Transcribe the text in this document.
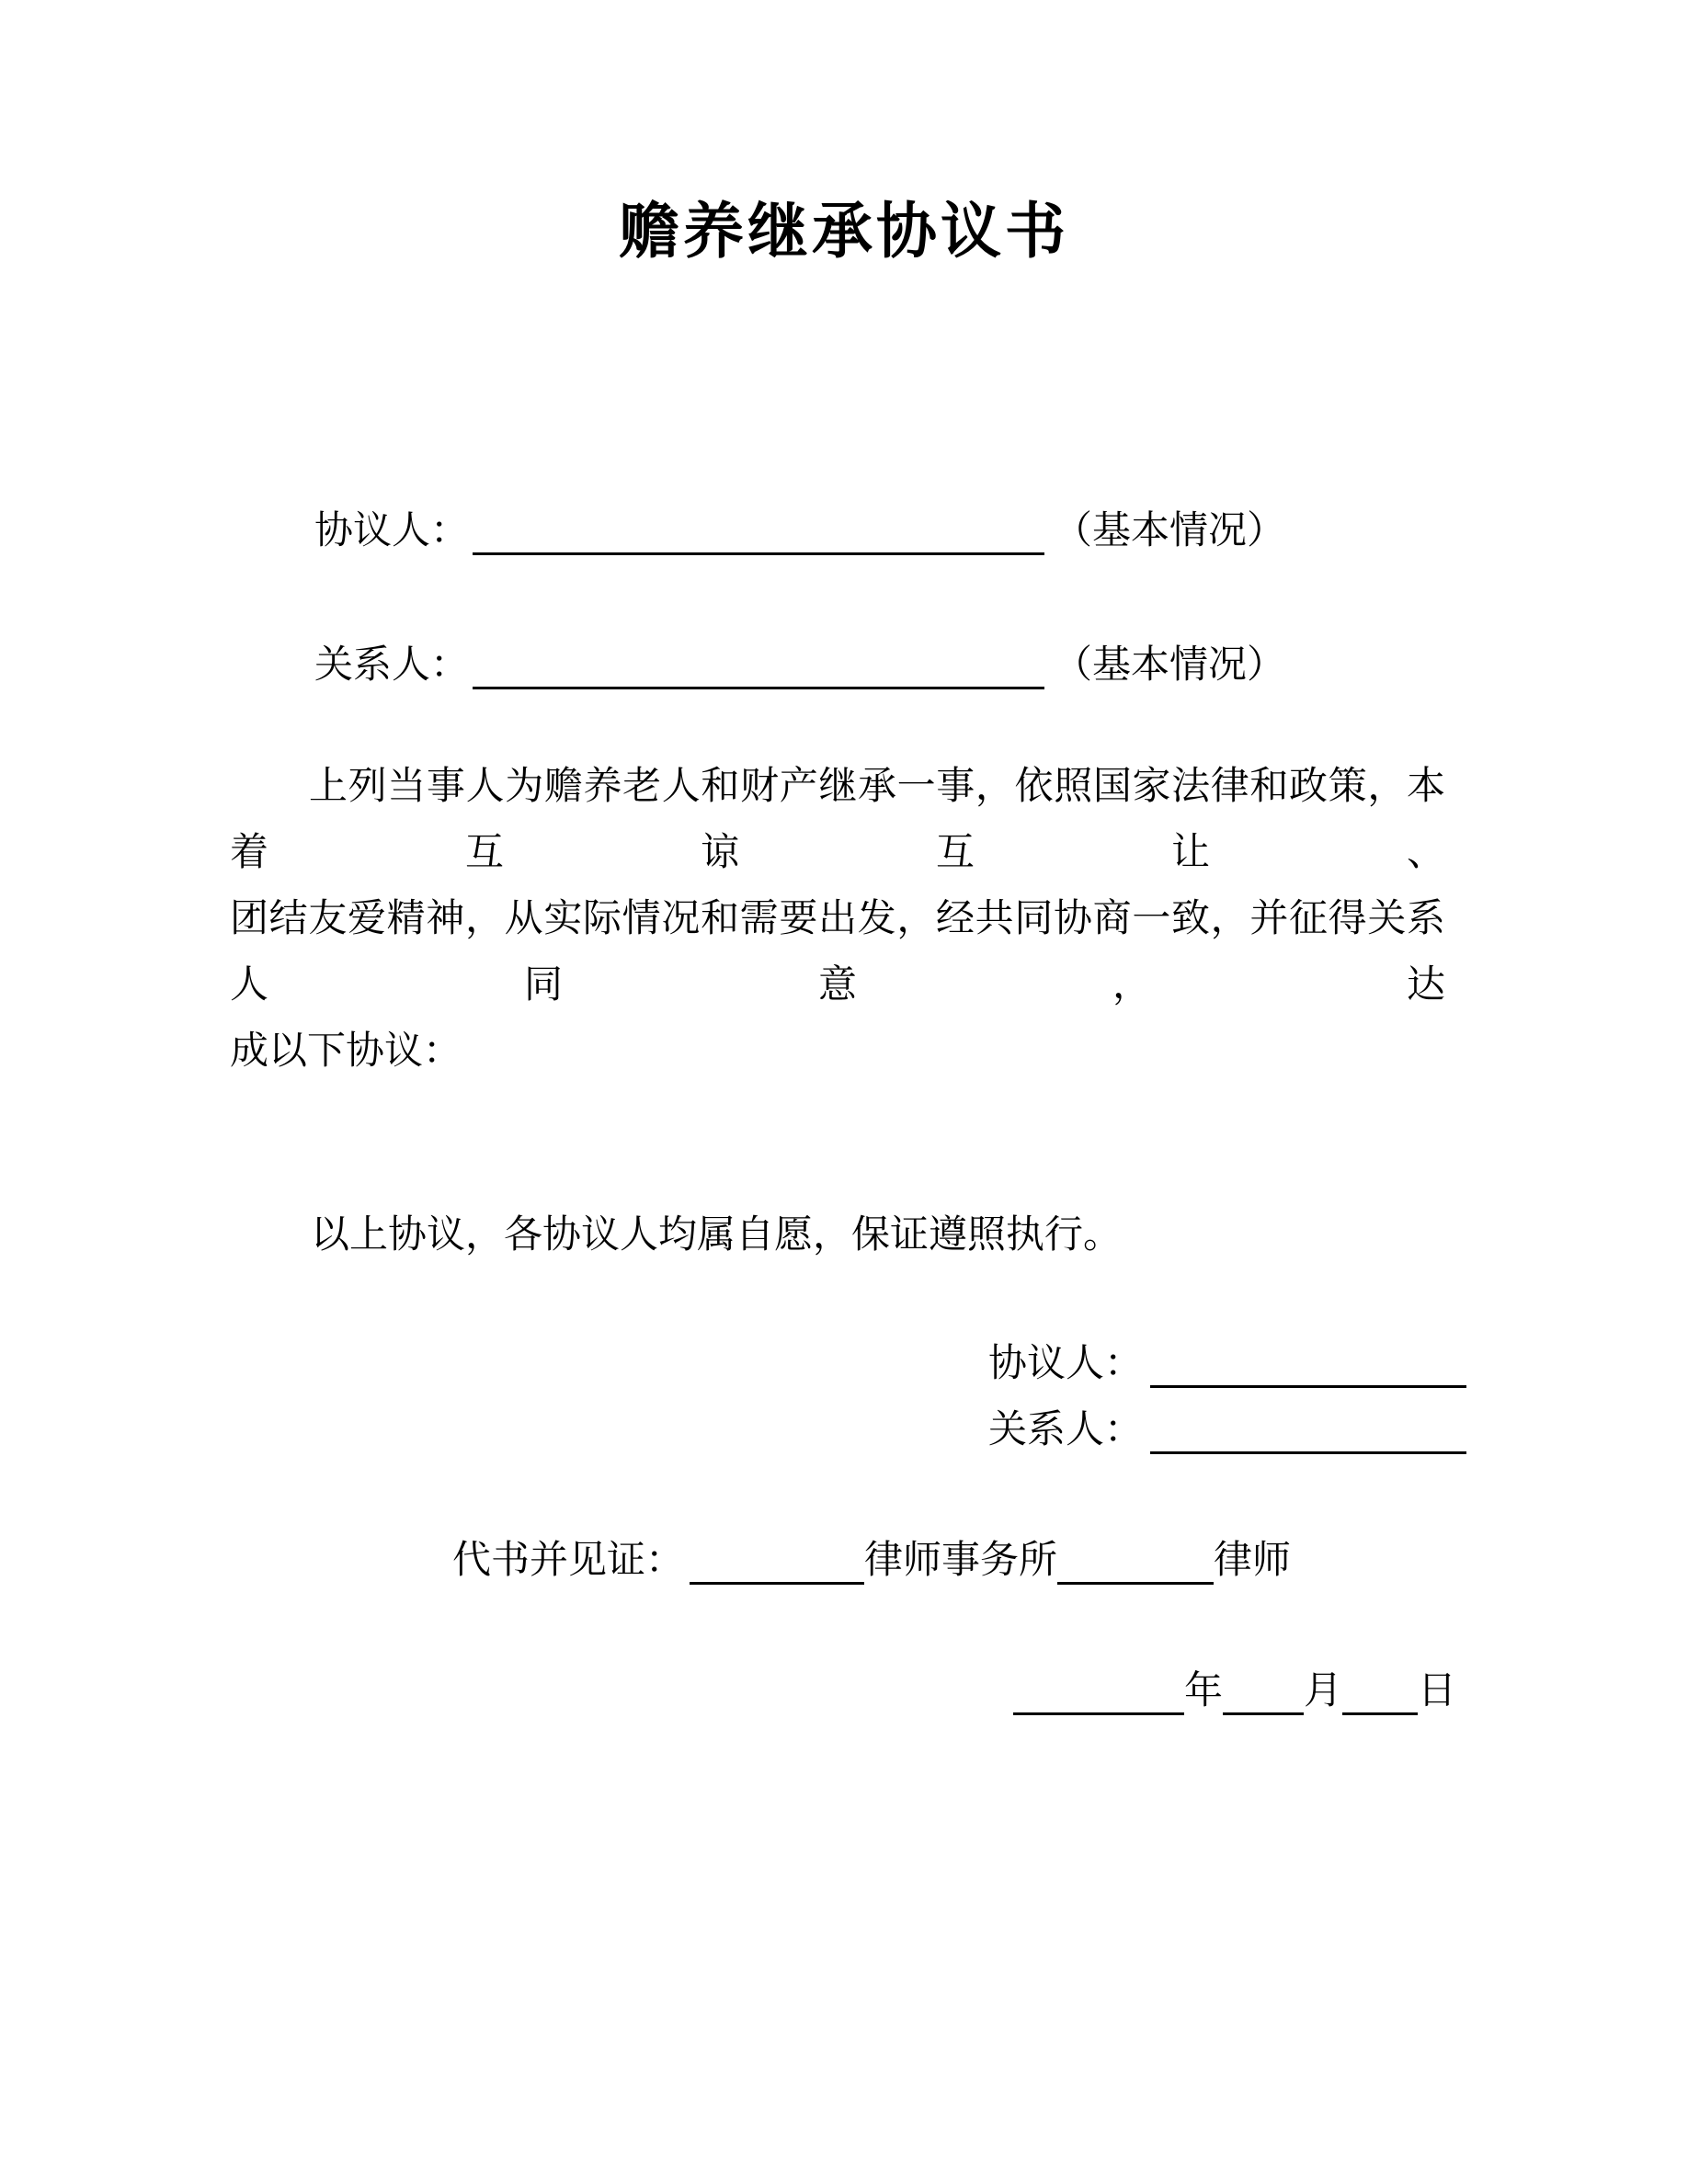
赡养继承协议书
协议人：	（基本情况）
关系人：	（基本情况）
上列当事人为赡养老人和财产继承一事，依照国家法律和政策，本着互谅互让、
团结友爱精神，从实际情况和需要出发，经共同协商一致，并征得关系人同意，达
成以下协议：
以上协议，各协议人均属自愿，保证遵照执行。
协议人：
关系人：
代书并见证：	律师事务所	律师
年 月 日
